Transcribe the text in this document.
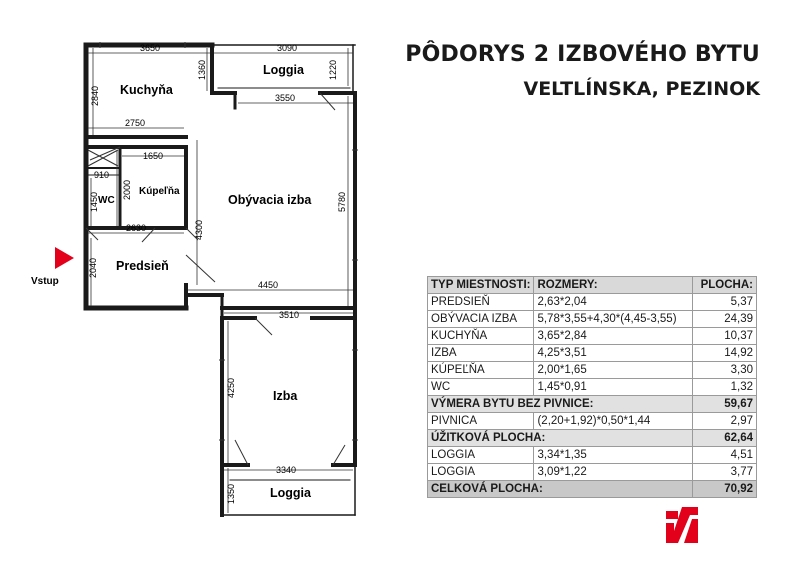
Vstup
Kuchyňa
Loggia
Obývacia izba
Kúpeľňa
WC
Predsieň
Izba
Loggia
3650	3090
3550
2750
1650
910
2630
4450
3510
3340
2840
1360	1220
5780
1450
2000
4300
2040
4250
1350
PÔDORYS 2 IZBOVÉHO BYTU
VELTLÍNSKA, PEZINOK
TYP MIESTNOSTI:	ROZMERY:	PLOCHA:
PREDSIEŇ	2,63*2,04	5,37
OBÝVACIA IZBA	5,78*3,55+4,30*(4,45-3,55)	24,39
KUCHYŇA	3,65*2,84	10,37
IZBA	4,25*3,51	14,92
KÚPEĽŇA	2,00*1,65	3,30
WC	1,45*0,91	1,32
VÝMERA BYTU BEZ PIVNICE:		59,67
PIVNICA	(2,20+1,92)*0,50*1,44	2,97
ÚŽITKOVÁ PLOCHA:		62,64
LOGGIA	3,34*1,35	4,51
LOGGIA	3,09*1,22	3,77
CELKOVÁ PLOCHA:		70,92
